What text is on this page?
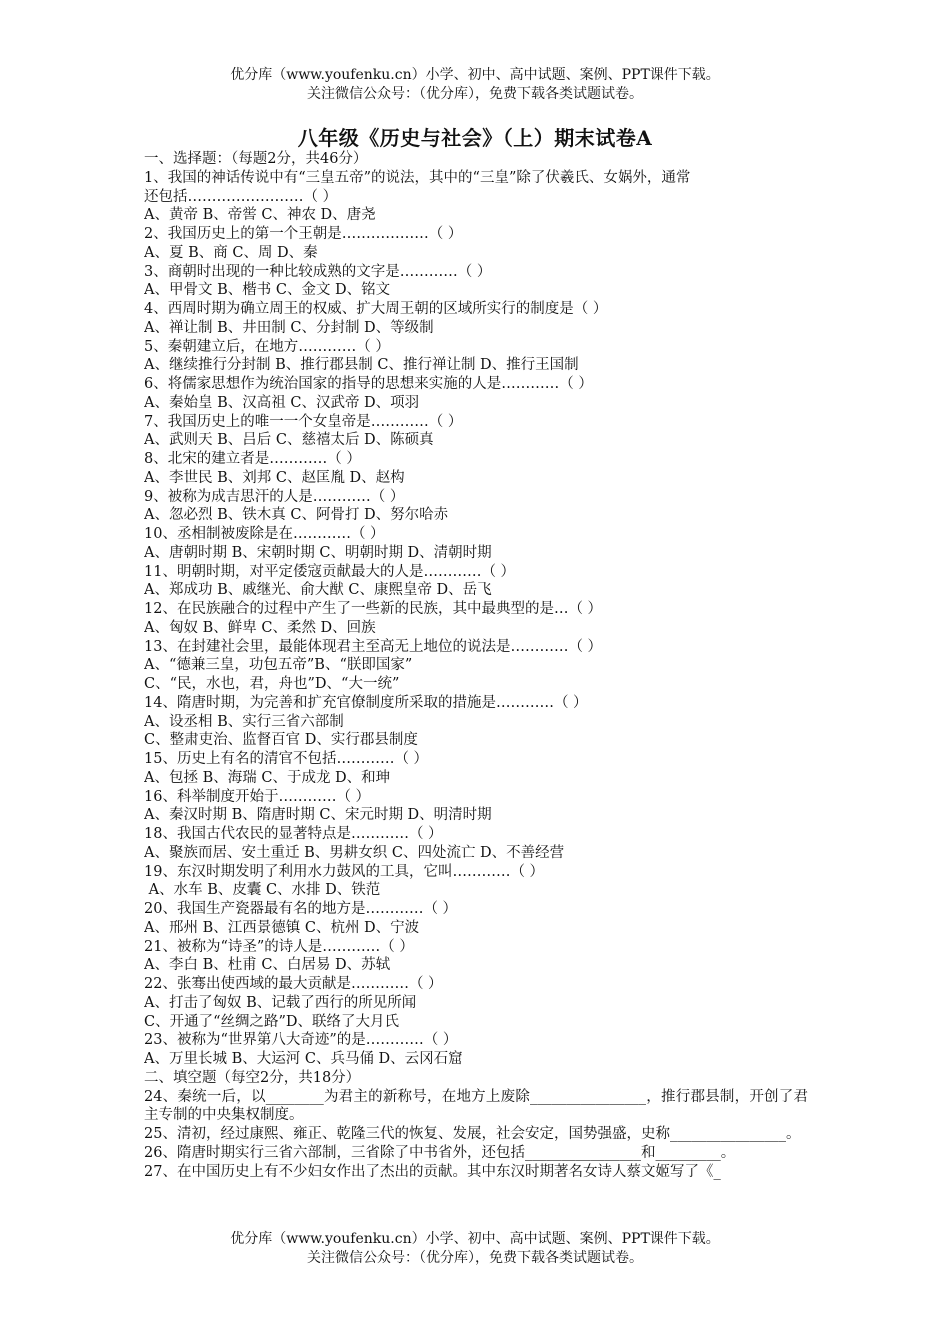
优分库（www.youfenku.cn）小学、初中、高中试题、案例、PPT课件下载。
关注微信公众号：（优分库），免费下载各类试题试卷。
八年级《历史与社会》（上）期末试卷A
一、选择题：（每题2分，共46分）
1、我国的神话传说中有“三皇五帝”的说法，其中的“三皇”除了伏羲氏、女娲外，通常
还包括……………………（ ）
A、黄帝 B、帝喾 C、神农 D、唐尧
2、我国历史上的第一个王朝是………………（ ）
A、夏 B、商 C、周 D、秦
3、商朝时出现的一种比较成熟的文字是…………（ ）
A、甲骨文 B、楷书 C、金文 D、铭文
4、西周时期为确立周王的权威、扩大周王朝的区域所实行的制度是（ ）
A、禅让制 B、井田制 C、分封制 D、等级制
5、秦朝建立后，在地方…………（ ）
A、继续推行分封制 B、推行郡县制 C、推行禅让制 D、推行王国制
6、将儒家思想作为统治国家的指导的思想来实施的人是…………（ ）
A、秦始皇 B、汉高祖 C、汉武帝 D、项羽
7、我国历史上的唯一一个女皇帝是…………（ ）
A、武则天 B、吕后 C、慈禧太后 D、陈硕真
8、北宋的建立者是…………（ ）
A、李世民 B、刘邦 C、赵匡胤 D、赵构
9、被称为成吉思汗的人是…………（ ）
A、忽必烈 B、铁木真 C、阿骨打 D、努尔哈赤
10、丞相制被废除是在…………（ ）
A、唐朝时期 B、宋朝时期 C、明朝时期 D、清朝时期
11、明朝时期，对平定倭寇贡献最大的人是…………（ ）
A、郑成功 B、戚继光、俞大猷 C、康熙皇帝 D、岳飞
12、在民族融合的过程中产生了一些新的民族，其中最典型的是…（ ）
A、匈奴 B、鲜卑 C、柔然 D、回族
13、在封建社会里，最能体现君主至高无上地位的说法是…………（ ）
A、“德兼三皇，功包五帝”B、“朕即国家”
C、“民，水也，君，舟也”D、“大一统”
14、隋唐时期，为完善和扩充官僚制度所采取的措施是…………（ ）
A、设丞相 B、实行三省六部制
C、整肃吏治、监督百官 D、实行郡县制度
15、历史上有名的清官不包括…………（ ）
A、包拯 B、海瑞 C、于成龙 D、和珅
16、科举制度开始于…………（ ）
A、秦汉时期 B、隋唐时期 C、宋元时期 D、明清时期
18、我国古代农民的显著特点是…………（ ）
A、聚族而居、安土重迁 B、男耕女织 C、四处流亡 D、不善经营
19、东汉时期发明了利用水力鼓风的工具，它叫…………（ ）
A、水车 B、皮囊 C、水排 D、铁范
20、我国生产瓷器最有名的地方是…………（ ）
A、邢州 B、江西景德镇 C、杭州 D、宁波
21、被称为“诗圣”的诗人是…………（ ）
A、李白 B、杜甫 C、白居易 D、苏轼
22、张骞出使西域的最大贡献是…………（ ）
A、打击了匈奴 B、记载了西行的所见所闻
C、开通了“丝绸之路”D、联络了大月氏
23、被称为“世界第八大奇迹”的是…………（ ）
A、万里长城 B、大运河 C、兵马俑 D、云冈石窟
二、填空题（每空2分，共18分）
24、秦统一后，以________为君主的新称号，在地方上废除________________，推行郡县制，开创了君主专制的中央集权制度。
25、清初，经过康熙、雍正、乾隆三代的恢复、发展，社会安定，国势强盛，史称________________。
26、隋唐时期实行三省六部制，三省除了中书省外，还包括________________和_________。
27、在中国历史上有不少妇女作出了杰出的贡献。其中东汉时期著名女诗人蔡文姬写了《_
优分库（www.youfenku.cn）小学、初中、高中试题、案例、PPT课件下载。
关注微信公众号：（优分库），免费下载各类试题试卷。
